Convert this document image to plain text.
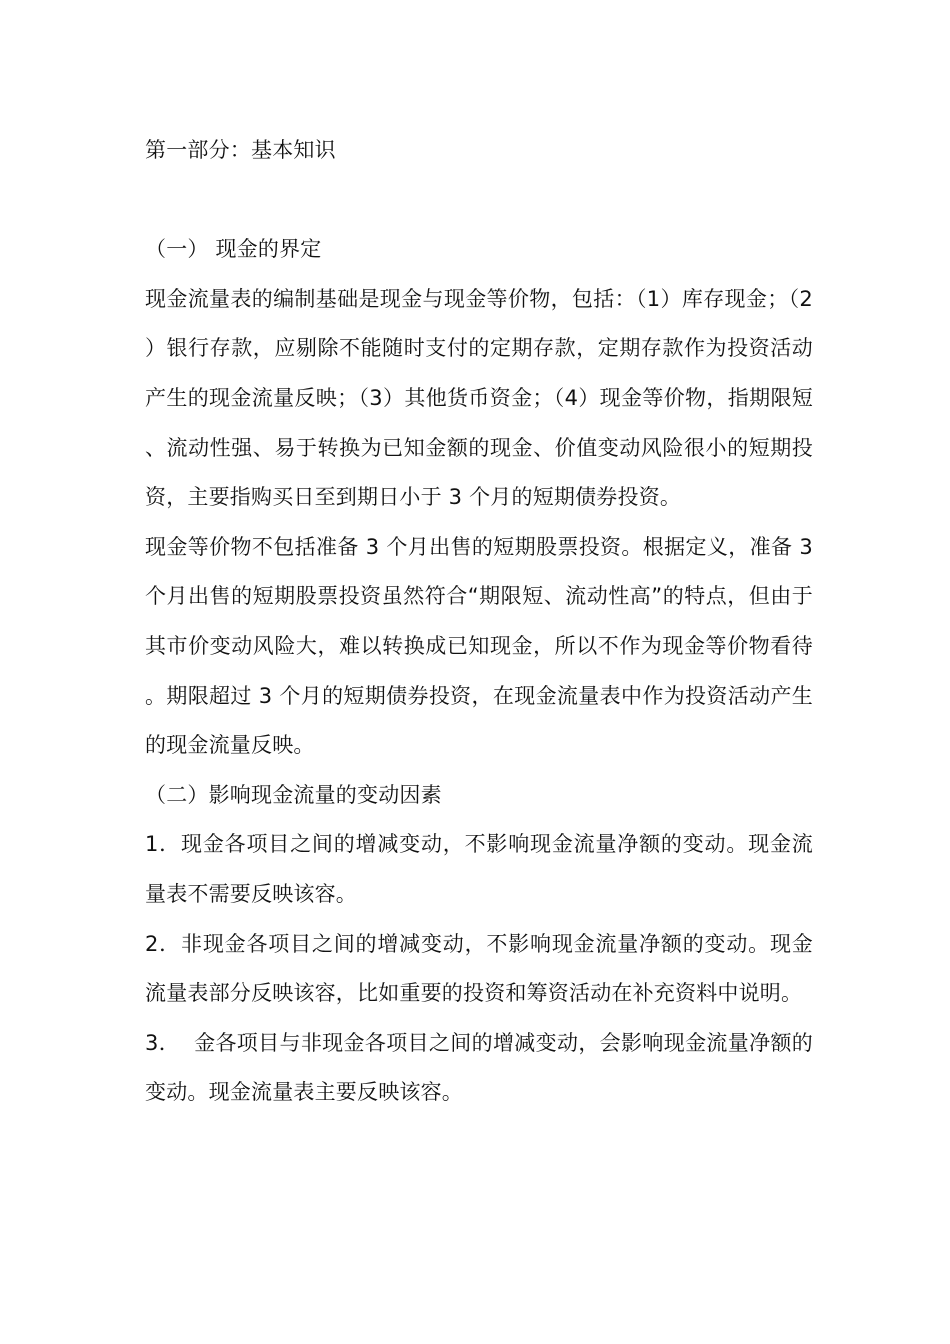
第一部分：基本知识
（一） 现金的界定

现金流量表的编制基础是现金与现金等价物，包括：（1）库存现金；（2）银行存款，应剔除不能随时支付的定期存款，定期存款作为投资活动产生的现金流量反映；（3）其他货币资金；（4）现金等价物，指期限短、流动性强、易于转换为已知金额的现金、价值变动风险很小的短期投资，主要指购买日至到期日小于 3 个月的短期债券投资。

现金等价物不包括准备 3 个月出售的短期股票投资。根据定义，准备 3 个月出售的短期股票投资虽然符合“期限短、流动性高”的特点，但由于其市价变动风险大，难以转换成已知现金，所以不作为现金等价物看待。期限超过 3 个月的短期债券投资，在现金流量表中作为投资活动产生的现金流量反映。

（二）影响现金流量的变动因素

1．现金各项目之间的增减变动，不影响现金流量净额的变动。现金流量表不需要反映该容。

2．非现金各项目之间的增减变动，不影响现金流量净额的变动。现金流量表部分反映该容，比如重要的投资和筹资活动在补充资料中说明。

3．  金各项目与非现金各项目之间的增减变动，会影响现金流量净额的变动。现金流量表主要反映该容。
